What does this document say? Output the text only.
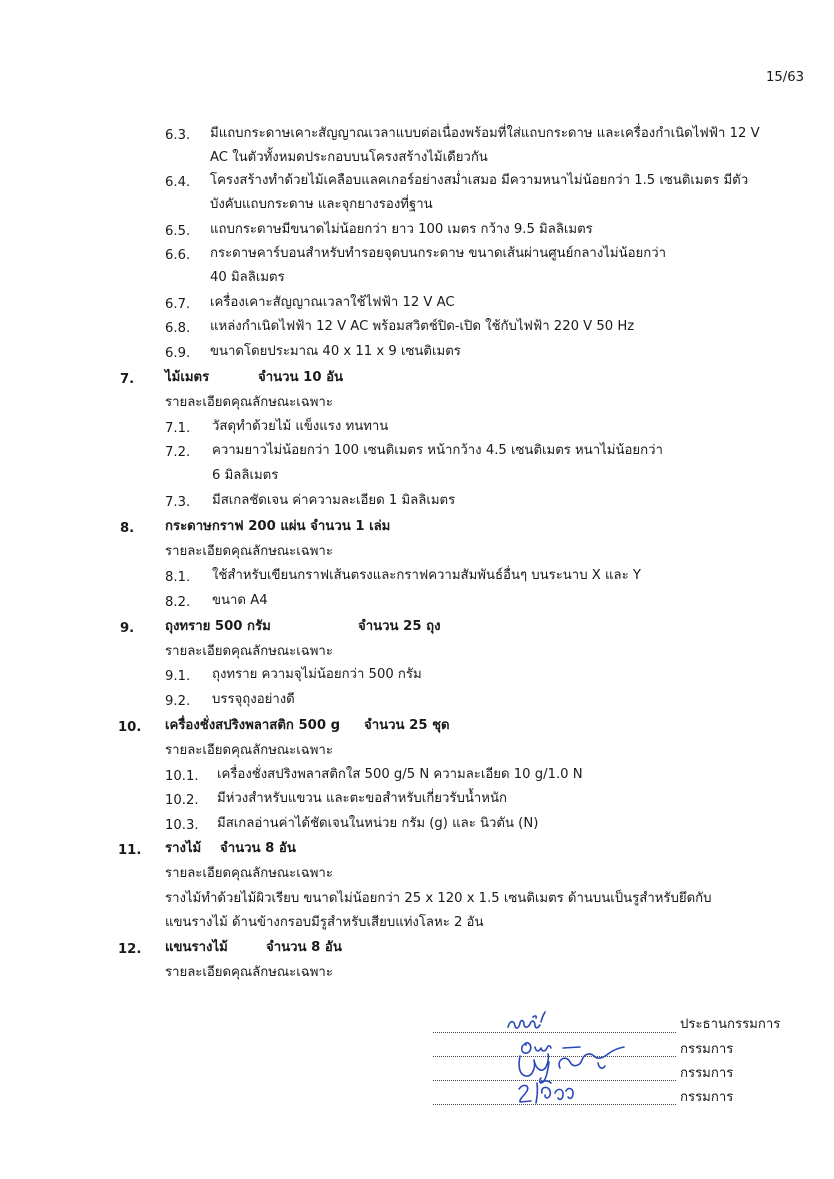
15/63
6.3. มีแถบกระดาษเคาะสัญญาณเวลาแบบต่อเนื่องพร้อมที่ใส่แถบกระดาษ และเครื่องกำเนิดไฟฟ้า 12 V
AC ในตัวทั้งหมดประกอบบนโครงสร้างไม้เดียวกัน
6.4. โครงสร้างทำด้วยไม้เคลือบแลคเกอร์อย่างสม่ำเสมอ มีความหนาไม่น้อยกว่า 1.5 เซนติเมตร มีตัว
บังคับแถบกระดาษ และจุกยางรองที่ฐาน
6.5. แถบกระดาษมีขนาดไม่น้อยกว่า ยาว 100 เมตร กว้าง 9.5 มิลลิเมตร
6.6. กระดาษคาร์บอนสำหรับทำรอยจุดบนกระดาษ ขนาดเส้นผ่านศูนย์กลางไม่น้อยกว่า
40 มิลลิเมตร
6.7. เครื่องเคาะสัญญาณเวลาใช้ไฟฟ้า 12 V AC
6.8. แหล่งกำเนิดไฟฟ้า 12 V AC พร้อมสวิตช์ปิด-เปิด ใช้กับไฟฟ้า 220 V 50 Hz
6.9. ขนาดโดยประมาณ 40 x 11 x 9 เซนติเมตร
7. ไม้เมตร	จำนวน 10 อัน
รายละเอียดคุณลักษณะเฉพาะ
7.1. วัสดุทำด้วยไม้ แข็งแรง ทนทาน
7.2. ความยาวไม่น้อยกว่า 100 เซนติเมตร หน้ากว้าง 4.5 เซนติเมตร หนาไม่น้อยกว่า
6 มิลลิเมตร
7.3. มีสเกลชัดเจน ค่าความละเอียด 1 มิลลิเมตร
8. กระดาษกราฟ 200 แผ่น จำนวน 1 เล่ม
รายละเอียดคุณลักษณะเฉพาะ
8.1. ใช้สำหรับเขียนกราฟเส้นตรงและกราฟความสัมพันธ์อื่นๆ บนระนาบ X และ Y
8.2. ขนาด A4
9. ถุงทราย 500 กรัม	จำนวน 25 ถุง
รายละเอียดคุณลักษณะเฉพาะ
9.1. ถุงทราย ความจุไม่น้อยกว่า 500 กรัม
9.2. บรรจุถุงอย่างดี
10. เครื่องชั่งสปริงพลาสติก 500 g จำนวน 25 ชุด
รายละเอียดคุณลักษณะเฉพาะ
10.1. เครื่องชั่งสปริงพลาสติกใส 500 g/5 N ความละเอียด 10 g/1.0 N
10.2. มีห่วงสำหรับแขวน และตะขอสำหรับเกี่ยวรับน้ำหนัก
10.3. มีสเกลอ่านค่าได้ชัดเจนในหน่วย กรัม (g) และ นิวตัน (N)
11. รางไม้ จำนวน 8 อัน
รายละเอียดคุณลักษณะเฉพาะ
รางไม้ทำด้วยไม้ผิวเรียบ ขนาดไม่น้อยกว่า 25 x 120 x 1.5 เซนติเมตร ด้านบนเป็นรูสำหรับยึดกับ
แขนรางไม้ ด้านข้างกรอบมีรูสำหรับเสียบแท่งโลหะ 2 อัน
12. แขนรางไม้	จำนวน 8 อัน
รายละเอียดคุณลักษณะเฉพาะ
ประธานกรรมการ
กรรมการ
กรรมการ
กรรมการ
